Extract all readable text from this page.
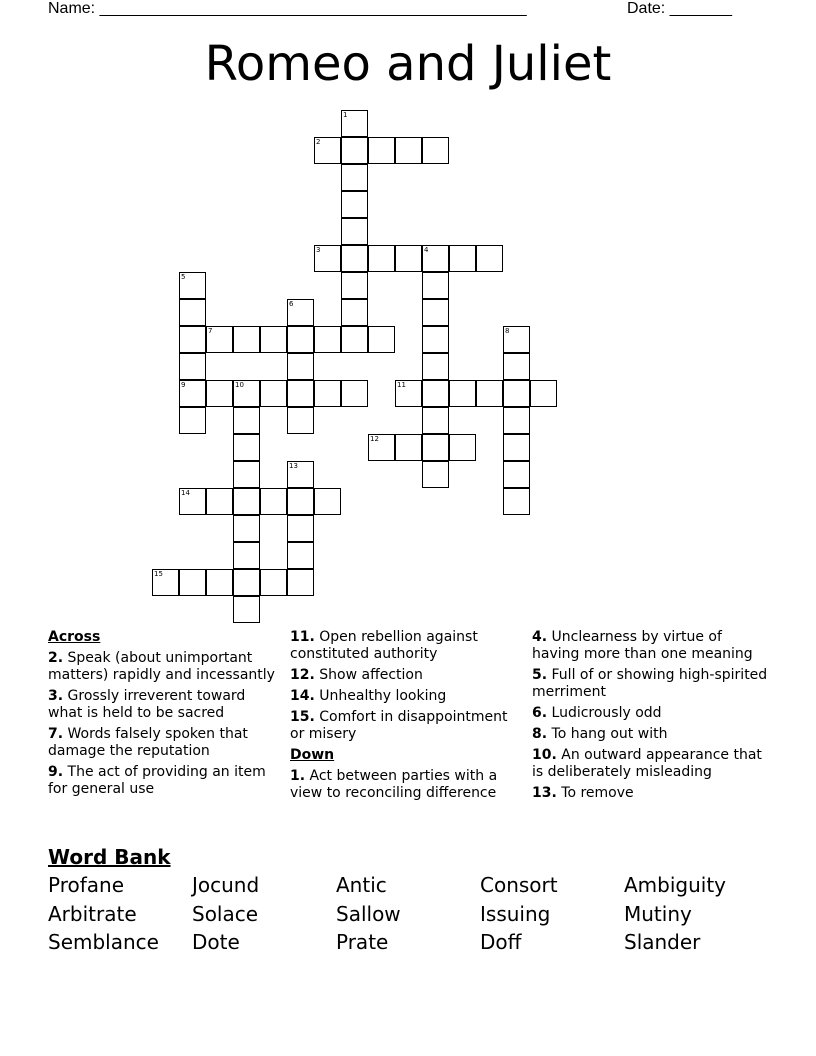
Name: ________________________________________________	Date: _______
Romeo and Juliet
1
2
3	4
5
6
7	8
9	10	11
12
13
14
15
Across
2. Speak (about unimportant matters) rapidly and incessantly
3. Grossly irreverent toward what is held to be sacred
7. Words falsely spoken that damage the reputation
9. The act of providing an item for general use
11. Open rebellion against constituted authority
12. Show affection
14. Unhealthy looking
15. Comfort in disappointment or misery
Down
1. Act between parties with a view to reconciling difference
4. Unclearness by virtue of having more than one meaning
5. Full of or showing high-spirited merriment
6. Ludicrously odd
8. To hang out with
10. An outward appearance that is deliberately misleading
13. To remove
Word Bank
Profane	Jocund	Antic	Consort	Ambiguity
Arbitrate	Solace	Sallow	Issuing	Mutiny
Semblance	Dote	Prate	Doff	Slander
